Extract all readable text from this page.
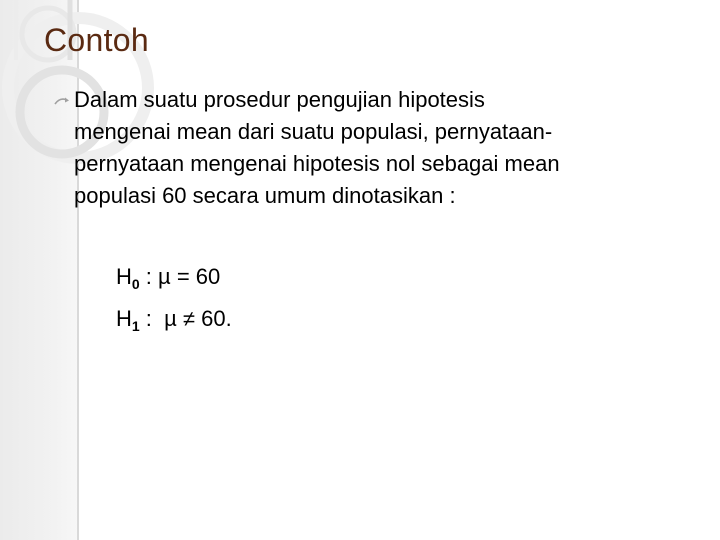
Contoh
Dalam suatu prosedur pengujian hipotesis
mengenai mean dari suatu populasi, pernyataan-
pernyataan mengenai hipotesis nol sebagai mean
populasi 60 secara umum dinotasikan :
$H_0$ : µ = 60
$H_1$ :  µ ≠ 60.
